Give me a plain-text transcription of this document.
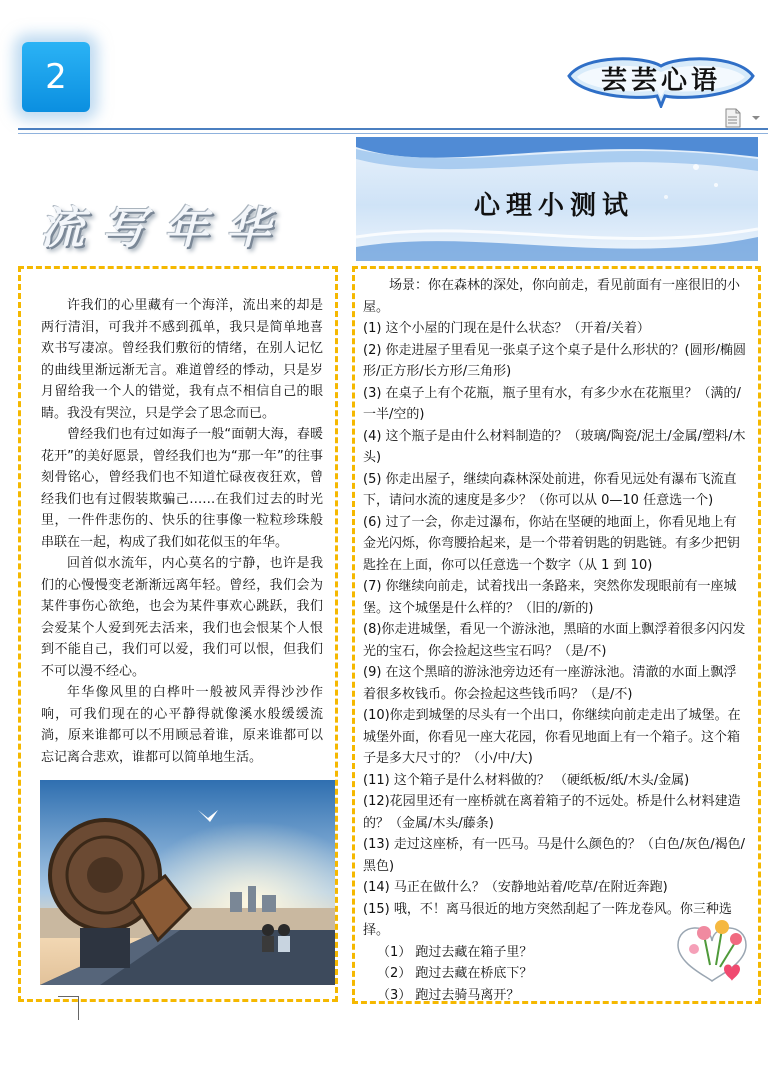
2	芸芸心语
流写年华	心理小测试

许我们的心里藏有一个海洋，流出来的却是两行清泪，可我并不感到孤单，我只是简单地喜欢书写凄凉。曾经我们敷衍的情绪，在别人记忆的曲线里渐远渐无言。难道曾经的悸动，只是岁月留给我一个人的错觉，我有点不相信自己的眼睛。我没有哭泣，只是学会了思念而已。

曾经我们也有过如海子一般“面朝大海，春暖花开”的美好愿景，曾经我们也为“那一年”的往事刻骨铭心，曾经我们也不知道忙碌夜夜狂欢，曾经我们也有过假装欺骗己……在我们过去的时光里，一件件悲伤的、快乐的往事像一粒粒珍珠般串联在一起，构成了我们如花似玉的年华。

回首似水流年，内心莫名的宁静，也许是我们的心慢慢变老渐渐远离年轻。曾经，我们会为某件事伤心欲绝，也会为某件事欢心跳跃，我们会爱某个人爱到死去活来，我们也会恨某个人恨到不能自己，我们可以爱，我们可以恨，但我们不可以漫不经心。

年华像风里的白桦叶一般被风弄得沙沙作响，可我们现在的心平静得就像溪水般缓缓流淌，原来谁都可以不用顾忌着谁，原来谁都可以忘记离合悲欢，谁都可以简单地生活。

场景：你在森林的深处，你向前走，看见前面有一座很旧的小屋。
(1) 这个小屋的门现在是什么状态？（开着/关着）
(2) 你走进屋子里看见一张桌子这个桌子是什么形状的？(圆形/椭圆形/正方形/长方形/三角形)
(3) 在桌子上有个花瓶，瓶子里有水，有多少水在花瓶里？（满的/一半/空的)
(4) 这个瓶子是由什么材料制造的？（玻璃/陶瓷/泥土/金属/塑料/木头)
(5) 你走出屋子，继续向森林深处前进，你看见远处有瀑布飞流直下，请问水流的速度是多少？（你可以从 0—10 任意选一个)
(6) 过了一会，你走过瀑布，你站在坚硬的地面上，你看见地上有金光闪烁，你弯腰拾起来，是一个带着钥匙的钥匙链。有多少把钥匙拴在上面，你可以任意选一个数字（从 1 到 10)
(7) 你继续向前走，试着找出一条路来，突然你发现眼前有一座城堡。这个城堡是什么样的？（旧的/新的)
(8)你走进城堡，看见一个游泳池，黑暗的水面上飘浮着很多闪闪发光的宝石，你会捡起这些宝石吗？（是/不)
(9) 在这个黑暗的游泳池旁边还有一座游泳池。清澈的水面上飘浮着很多枚钱币。你会捡起这些钱币吗？（是/不)
(10)你走到城堡的尽头有一个出口，你继续向前走走出了城堡。在城堡外面，你看见一座大花园，你看见地面上有一个箱子。这个箱子是多大尺寸的？（小/中/大)
(11) 这个箱子是什么材料做的？ （硬纸板/纸/木头/金属)
(12)花园里还有一座桥就在离着箱子的不远处。桥是什么材料建造的？（金属/木头/藤条)
(13) 走过这座桥，有一匹马。马是什么颜色的？（白色/灰色/褐色/黑色)
(14) 马正在做什么？（安静地站着/吃草/在附近奔跑)
(15) 哦，不！离马很近的地方突然刮起了一阵龙卷风。你三种选择。
（1） 跑过去藏在箱子里？
（2） 跑过去藏在桥底下？
（3） 跑过去骑马离开？
